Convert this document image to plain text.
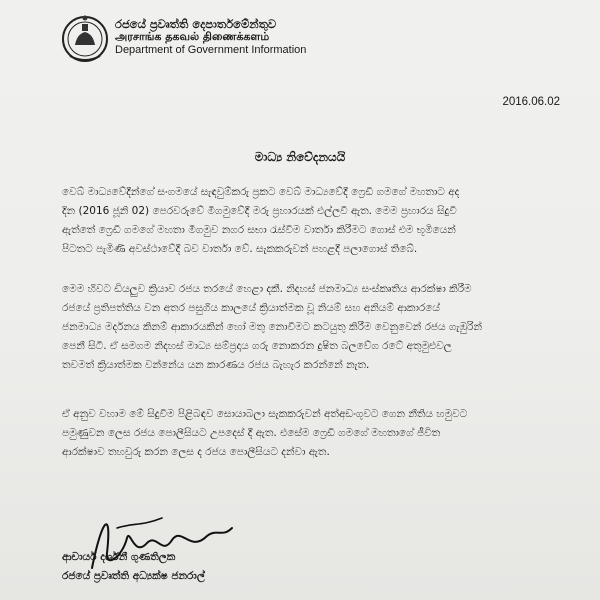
රජයේ ප්‍රවෘත්ති දෙපාර්තමේන්තුව
அரசாங்க தகவல் திணைக்களம்
Department of Government Information
2016.06.02
මාධ්‍ය නිවේදනයයි
වෙබ් මාධ්‍යවේදීන්ගේ සංගමයේ සැඳවුම්කරු ප්‍රකට වෙබ් මාධ්‍යවේදී ෆ්‍රෙඩී ගමගේ මහතාට අද
දින (2016 ජූනි 02) පෙරවරුවේ මීගමුවේදී මරු ප්‍රහාරයක් එල්ලවී ඇත. මෙම ප්‍රහාරය සිදුවී
ඇත්තේ ෆ්‍රෙඩී ගමගේ මහතා මීගමුව නගර සභා රැස්වීම වාර්තා කිරීමට ගොස් එම භූමියෙන්
පිටතට පැමිණි අවස්ථාවේදී බව වාර්තා වේ. සැකකරුවන් පහළදී පලාගොස් තිබේ.
මෙම හිවට ඩියලුව ක්‍රියාව රජය තරයේ හෙළා දකී. නිදහස් ජනමාධ්‍ය සංස්කෘතිය ආරක්ෂා කිරීම
රජයේ ප්‍රතිපත්තිය වන අතර පසුගිය කාලයේ ක්‍රියාත්මක වූ නියම් සහ අනියම් ආකාරයේ
ජනමාධ්‍ය මර්දනය කිනම් ආකාරයකින් හෝ මතු නොවීමට කටයුතු කිරීම වෙනුවෙන් රජය ගැඹුරින්
පෙනී සිටී. ඒ සමගම නිදහස් මාධ්‍ය සම්ප්‍රදාය ගරු නොකරන දුෂිත බලවේග රටේ අතුමුළුවල
තවමත් ක්‍රියාත්මක වන්නේය යන කාරණය රජය බැහැර කරන්නේ නැත.
ඒ අනුව වහාම මේ සිදුවීම පිළිබඳව සොයාබලා සැකකරුවන් අත්අඩංගුවට ගෙන නීතිය හමුවට
පමුණුවන ලෙස රජය පොලීසියට උපදෙස් දී ඇත. එසේම ෆ්‍රෙඩී ගමගේ මහතාගේ ජීවිත
ආරක්ෂාව තහවුරු කරන ලෙස ද රජය පොලීසියට දන්වා ඇත.
ආචාර්ය දර්ශනී ගුණතිලක
රජයේ ප්‍රවෘත්ති අධ්‍යක්ෂ ජනරාල්
